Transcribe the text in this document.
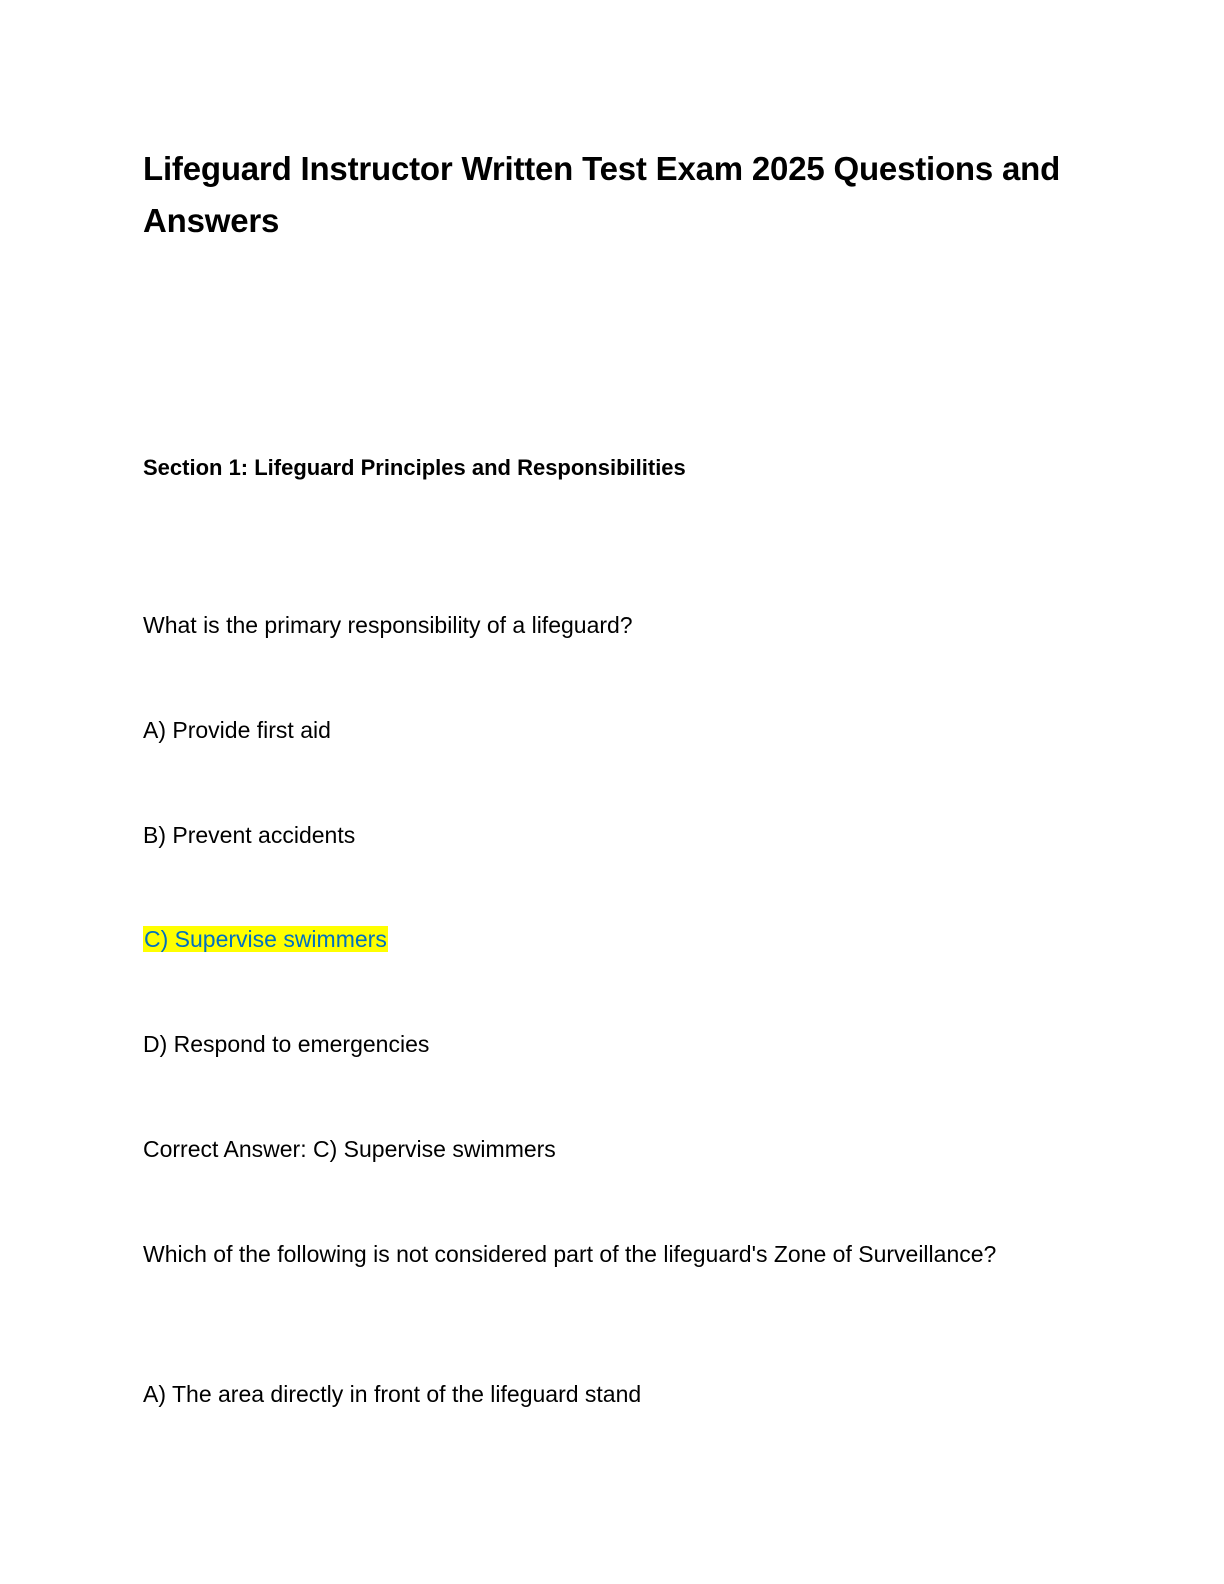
Lifeguard Instructor Written Test Exam 2025 Questions and Answers
Section 1: Lifeguard Principles and Responsibilities
What is the primary responsibility of a lifeguard?
A) Provide first aid
B) Prevent accidents
C) Supervise swimmers
D) Respond to emergencies
Correct Answer: C) Supervise swimmers
Which of the following is not considered part of the lifeguard's Zone of Surveillance?
A) The area directly in front of the lifeguard stand
